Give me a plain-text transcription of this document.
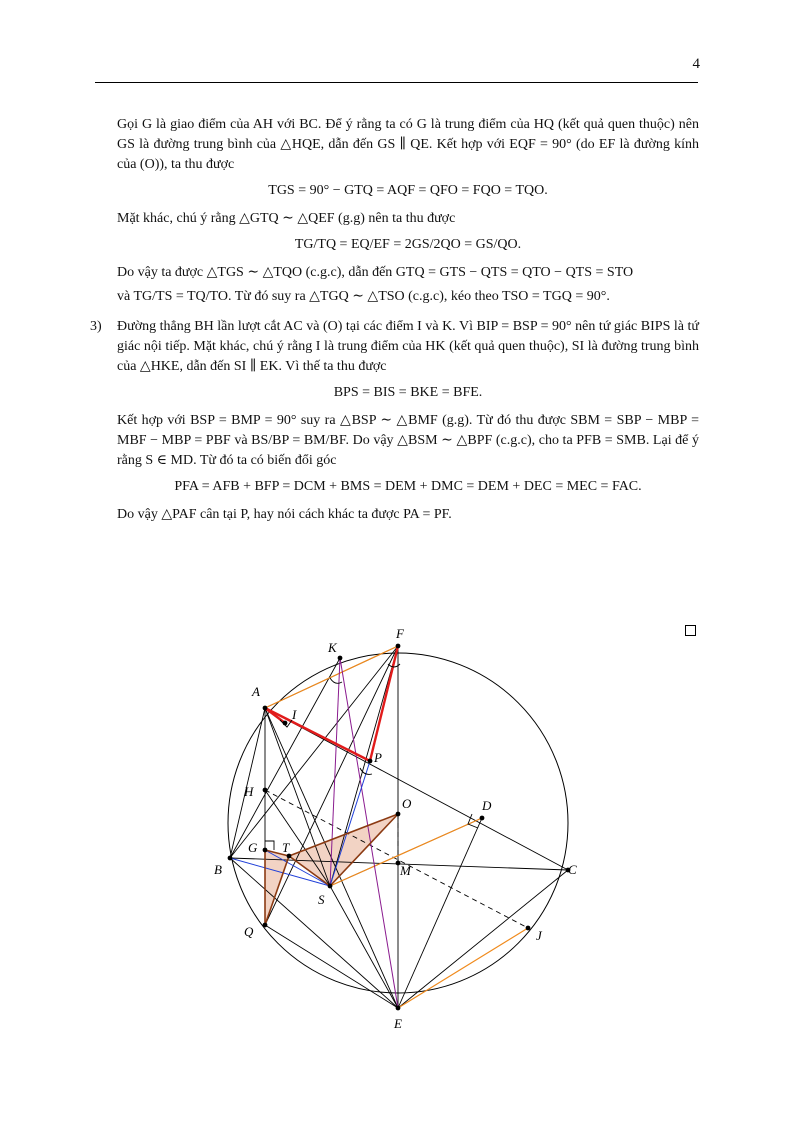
4

Gọi G là giao điểm của AH với BC. Để ý rằng ta có G là trung điểm của HQ (kết quả quen thuộc) nên GS là đường trung bình của △HQE, dẫn đến GS ∥ QE. Kết hợp với EQF = 90° (do EF là đường kính của (O)), ta thu được

TGS = 90° − GTQ = AQF = QFO = FQO = TQO.

Mặt khác, chú ý rằng △GTQ ∼ △QEF (g.g) nên ta thu được

TG/TQ = EQ/EF = 2GS/2QO = GS/QO.

Do vậy ta được △TGS ∼ △TQO (c.g.c), dẫn đến GTQ = GTS − QTS = QTO − QTS = STO

và TG/TS = TQ/TO. Từ đó suy ra △TGQ ∼ △TSO (c.g.c), kéo theo TSO = TGQ = 90°.

3) Đường thẳng BH lần lượt cắt AC và (O) tại các điểm I và K. Vì BIP = BSP = 90° nên tứ giác BIPS là tứ giác nội tiếp. Mặt khác, chú ý rằng I là trung điểm của HK (kết quả quen thuộc), SI là đường trung bình của △HKE, dẫn đến SI ∥ EK. Vì thế ta thu được

BPS = BIS = BKE = BFE.

Kết hợp với BSP = BMP = 90° suy ra △BSP ∼ △BMF (g.g). Từ đó thu được SBM = SBP − MBP = MBF − MBP = PBF và BS/BP = BM/BF. Do vậy △BSM ∼ △BPF (c.g.c), cho ta PFB = SMB. Lại để ý rằng S ∈ MD. Từ đó ta có biến đổi góc

PFA = AFB + BFP = DCM + BMS = DEM + DMC = DEM + DEC = MEC = FAC.

Do vậy △PAF cân tại P, hay nói cách khác ta được PA = PF.

A
B	C
D
E
F
G
H
I
J
K
M
O
P
Q
S
T
